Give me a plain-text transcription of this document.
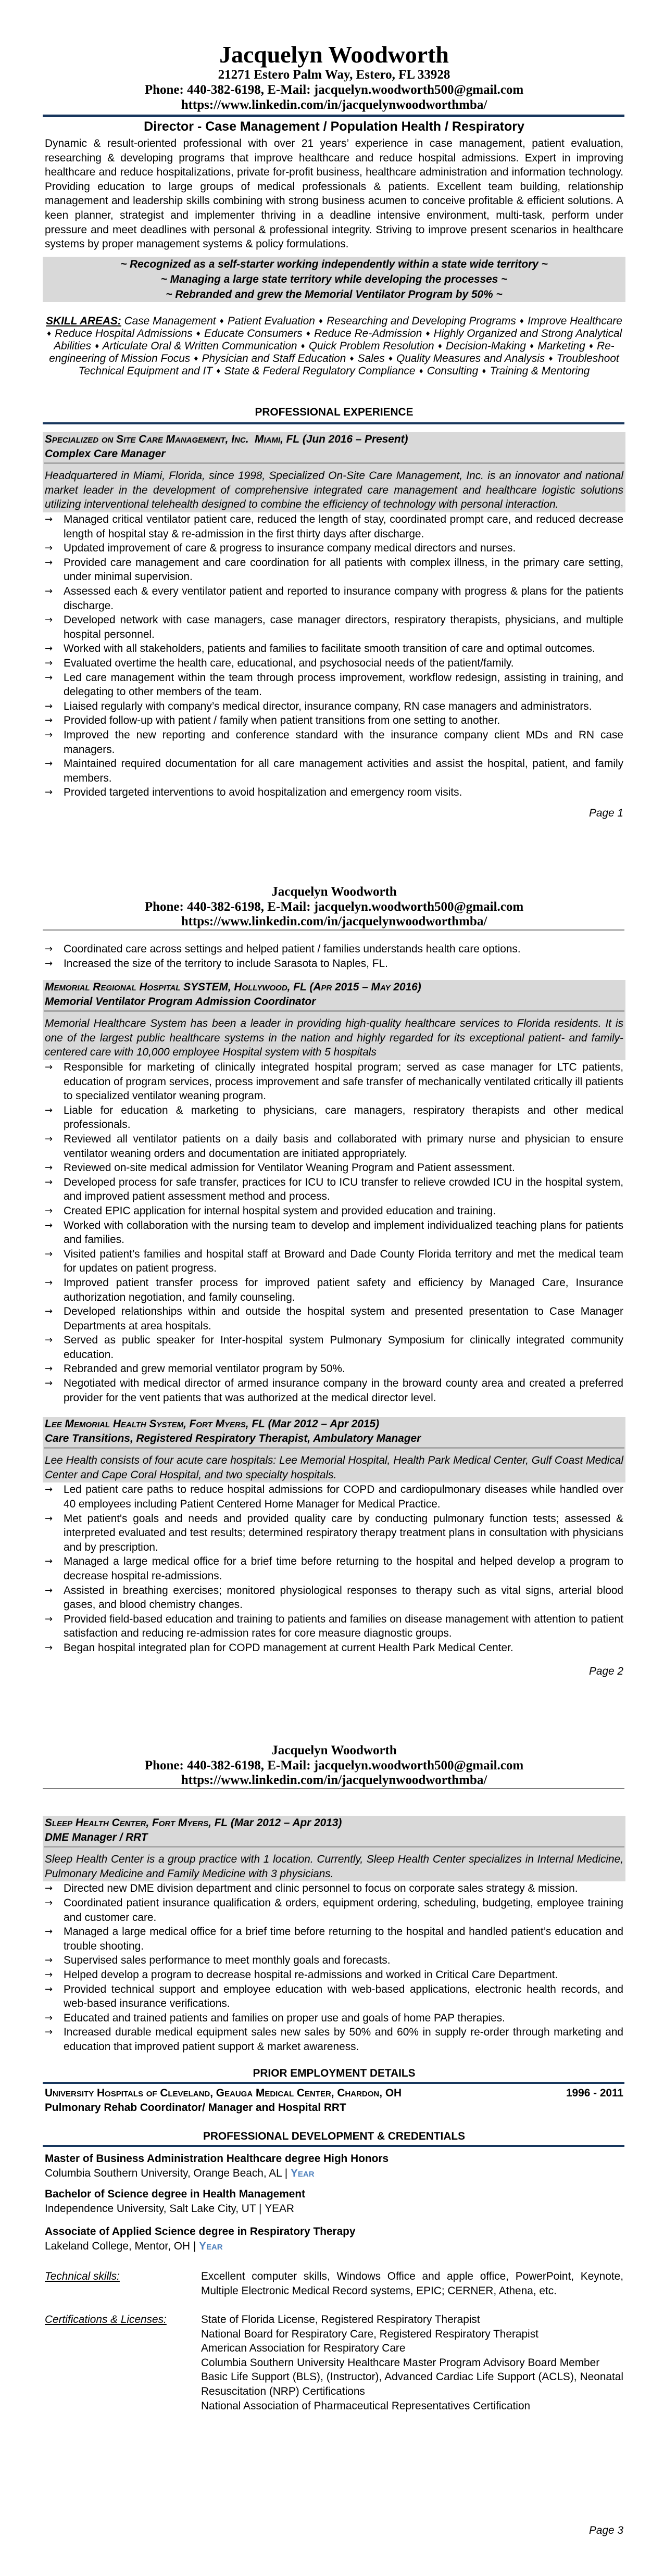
Jacquelyn Woodworth
21271 Estero Palm Way, Estero, FL 33928
Phone: 440-382-6198, E-Mail: jacquelyn.woodworth500@gmail.com
https://www.linkedin.com/in/jacquelynwoodworthmba/
Director - Case Management / Population Health / Respiratory
Dynamic & result-oriented professional with over 21 years’ experience in case management, patient evaluation, researching & developing programs that improve healthcare and reduce hospital admissions. Expert in improving healthcare and reduce hospitalizations, private for-profit business, healthcare administration and information technology. Providing education to large groups of medical professionals & patients. Excellent team building, relationship management and leadership skills combining with strong business acumen to conceive profitable & efficient solutions. A keen planner, strategist and implementer thriving in a deadline intensive environment, multi-task, perform under pressure and meet deadlines with personal & professional integrity. Striving to improve present scenarios in healthcare systems by proper management systems & policy formulations.
~ Recognized as a self-starter working independently within a state wide territory ~
~ Managing a large state territory while developing the processes ~
~ Rebranded and grew the Memorial Ventilator Program by 50% ~
SKILL AREAS: Case Management ♦ Patient Evaluation ♦ Researching and Developing Programs ♦ Improve Healthcare ♦ Reduce Hospital Admissions ♦ Educate Consumers ♦ Reduce Re-Admission ♦ Highly Organized and Strong Analytical Abilities ♦ Articulate Oral & Written Communication ♦ Quick Problem Resolution ♦ Decision-Making ♦ Marketing ♦ Re-engineering of Mission Focus ♦ Physician and Staff Education ♦ Sales ♦ Quality Measures and Analysis ♦ Troubleshoot Technical Equipment and IT ♦ State & Federal Regulatory Compliance ♦ Consulting ♦ Training & Mentoring
PROFESSIONAL EXPERIENCE
Specialized on Site Care Management, Inc.  Miami, FL (Jun 2016 – Present)
Complex Care Manager
Headquartered in Miami, Florida, since 1998, Specialized On-Site Care Management, Inc. is an innovator and national market leader in the development of comprehensive integrated care management and healthcare logistic solutions utilizing interventional telehealth designed to combine the efficiency of technology with personal interaction.
→ Managed critical ventilator patient care, reduced the length of stay, coordinated prompt care, and reduced decrease length of hospital stay & re-admission in the first thirty days after discharge.
→ Updated improvement of care & progress to insurance company medical directors and nurses.
→ Provided care management and care coordination for all patients with complex illness, in the primary care setting, under minimal supervision.
→ Assessed each & every ventilator patient and reported to insurance company with progress & plans for the patients discharge.
→ Developed network with case managers, case manager directors, respiratory therapists, physicians, and multiple hospital personnel.
→ Worked with all stakeholders, patients and families to facilitate smooth transition of care and optimal outcomes.
→ Evaluated overtime the health care, educational, and psychosocial needs of the patient/family.
→ Led care management within the team through process improvement, workflow redesign, assisting in training, and delegating to other members of the team.
→ Liaised regularly with company’s medical director, insurance company, RN case managers and administrators.
→ Provided follow-up with patient / family when patient transitions from one setting to another.
→ Improved the new reporting and conference standard with the insurance company client MDs and RN case managers.
→ Maintained required documentation for all care management activities and assist the hospital, patient, and family members.
→ Provided targeted interventions to avoid hospitalization and emergency room visits.
Page 1
Jacquelyn Woodworth
Phone: 440-382-6198, E-Mail: jacquelyn.woodworth500@gmail.com
https://www.linkedin.com/in/jacquelynwoodworthmba/
→ Coordinated care across settings and helped patient / families understands health care options.
→ Increased the size of the territory to include Sarasota to Naples, FL.
Memorial Regional Hospital SYSTEM, Hollywood, FL (Apr 2015 – May 2016)
Memorial Ventilator Program Admission Coordinator
Memorial Healthcare System has been a leader in providing high-quality healthcare services to Florida residents. It is one of the largest public healthcare systems in the nation and highly regarded for its exceptional patient- and family-centered care with 10,000 employee Hospital system with 5 hospitals
→ Responsible for marketing of clinically integrated hospital program; served as case manager for LTC patients, education of program services, process improvement and safe transfer of mechanically ventilated critically ill patients to specialized ventilator weaning program.
→ Liable for education & marketing to physicians, care managers, respiratory therapists and other medical professionals.
→ Reviewed all ventilator patients on a daily basis and collaborated with primary nurse and physician to ensure ventilator weaning orders and documentation are initiated appropriately.
→ Reviewed on-site medical admission for Ventilator Weaning Program and Patient assessment.
→ Developed process for safe transfer, practices for ICU to ICU transfer to relieve crowded ICU in the hospital system, and improved patient assessment method and process.
→ Created EPIC application for internal hospital system and provided education and training.
→ Worked with collaboration with the nursing team to develop and implement individualized teaching plans for patients and families.
→ Visited patient’s families and hospital staff at Broward and Dade County Florida territory and met the medical team for updates on patient progress.
→ Improved patient transfer process for improved patient safety and efficiency by Managed Care, Insurance authorization negotiation, and family counseling.
→ Developed relationships within and outside the hospital system and presented presentation to Case Manager Departments at area hospitals.
→ Served as public speaker for Inter-hospital system Pulmonary Symposium for clinically integrated community education.
→ Rebranded and grew memorial ventilator program by 50%.
→ Negotiated with medical director of armed insurance company in the broward county area and created a preferred provider for the vent patients that was authorized at the medical director level.
Lee Memorial Health System, Fort Myers, FL (Mar 2012 – Apr 2015)
Care Transitions, Registered Respiratory Therapist, Ambulatory Manager
Lee Health consists of four acute care hospitals: Lee Memorial Hospital, Health Park Medical Center, Gulf Coast Medical Center and Cape Coral Hospital, and two specialty hospitals.
→ Led patient care paths to reduce hospital admissions for COPD and cardiopulmonary diseases while handled over 40 employees including Patient Centered Home Manager for Medical Practice.
→ Met patient's goals and needs and provided quality care by conducting pulmonary function tests; assessed & interpreted evaluated and test results; determined respiratory therapy treatment plans in consultation with physicians and by prescription.
→ Managed a large medical office for a brief time before returning to the hospital and helped develop a program to decrease hospital re-admissions.
→ Assisted in breathing exercises; monitored physiological responses to therapy such as vital signs, arterial blood gases, and blood chemistry changes.
→ Provided field-based education and training to patients and families on disease management with attention to patient satisfaction and reducing re-admission rates for core measure diagnostic groups.
→ Began hospital integrated plan for COPD management at current Health Park Medical Center.
Page 2
Jacquelyn Woodworth
Phone: 440-382-6198, E-Mail: jacquelyn.woodworth500@gmail.com
https://www.linkedin.com/in/jacquelynwoodworthmba/
Sleep Health Center, Fort Myers, FL (Mar 2012 – Apr 2013)
DME Manager / RRT
Sleep Health Center is a group practice with 1 location. Currently, Sleep Health Center specializes in Internal Medicine, Pulmonary Medicine and Family Medicine with 3 physicians.
→ Directed new DME division department and clinic personnel to focus on corporate sales strategy & mission.
→ Coordinated patient insurance qualification & orders, equipment ordering, scheduling, budgeting, employee training and customer care.
→ Managed a large medical office for a brief time before returning to the hospital and handled patient’s education and trouble shooting.
→ Supervised sales performance to meet monthly goals and forecasts.
→ Helped develop a program to decrease hospital re-admissions and worked in Critical Care Department.
→ Provided technical support and employee education with web-based applications, electronic health records, and web-based insurance verifications.
→ Educated and trained patients and families on proper use and goals of home PAP therapies.
→ Increased durable medical equipment sales new sales by 50% and 60% in supply re-order through marketing and education that improved patient support & market awareness.
PRIOR EMPLOYMENT DETAILS
University Hospitals of Cleveland, Geauga Medical Center, Chardon, OH	1996 - 2011
Pulmonary Rehab Coordinator/ Manager and Hospital RRT
PROFESSIONAL DEVELOPMENT & CREDENTIALS
Master of Business Administration Healthcare degree High Honors
Columbia Southern University, Orange Beach, AL | Year
Bachelor of Science degree in Health Management
Independence University, Salt Lake City, UT | YEAR
Associate of Applied Science degree in Respiratory Therapy
Lakeland College, Mentor, OH | Year
Technical skills:	Excellent computer skills, Windows Office and apple office, PowerPoint, Keynote, Multiple Electronic Medical Record systems, EPIC; CERNER, Athena, etc.
Certifications & Licenses:	State of Florida License, Registered Respiratory Therapist
National Board for Respiratory Care, Registered Respiratory Therapist
American Association for Respiratory Care
Columbia Southern University Healthcare Master Program Advisory Board Member
Basic Life Support (BLS), (Instructor), Advanced Cardiac Life Support (ACLS), Neonatal Resuscitation (NRP) Certifications
National Association of Pharmaceutical Representatives Certification
Page 3
